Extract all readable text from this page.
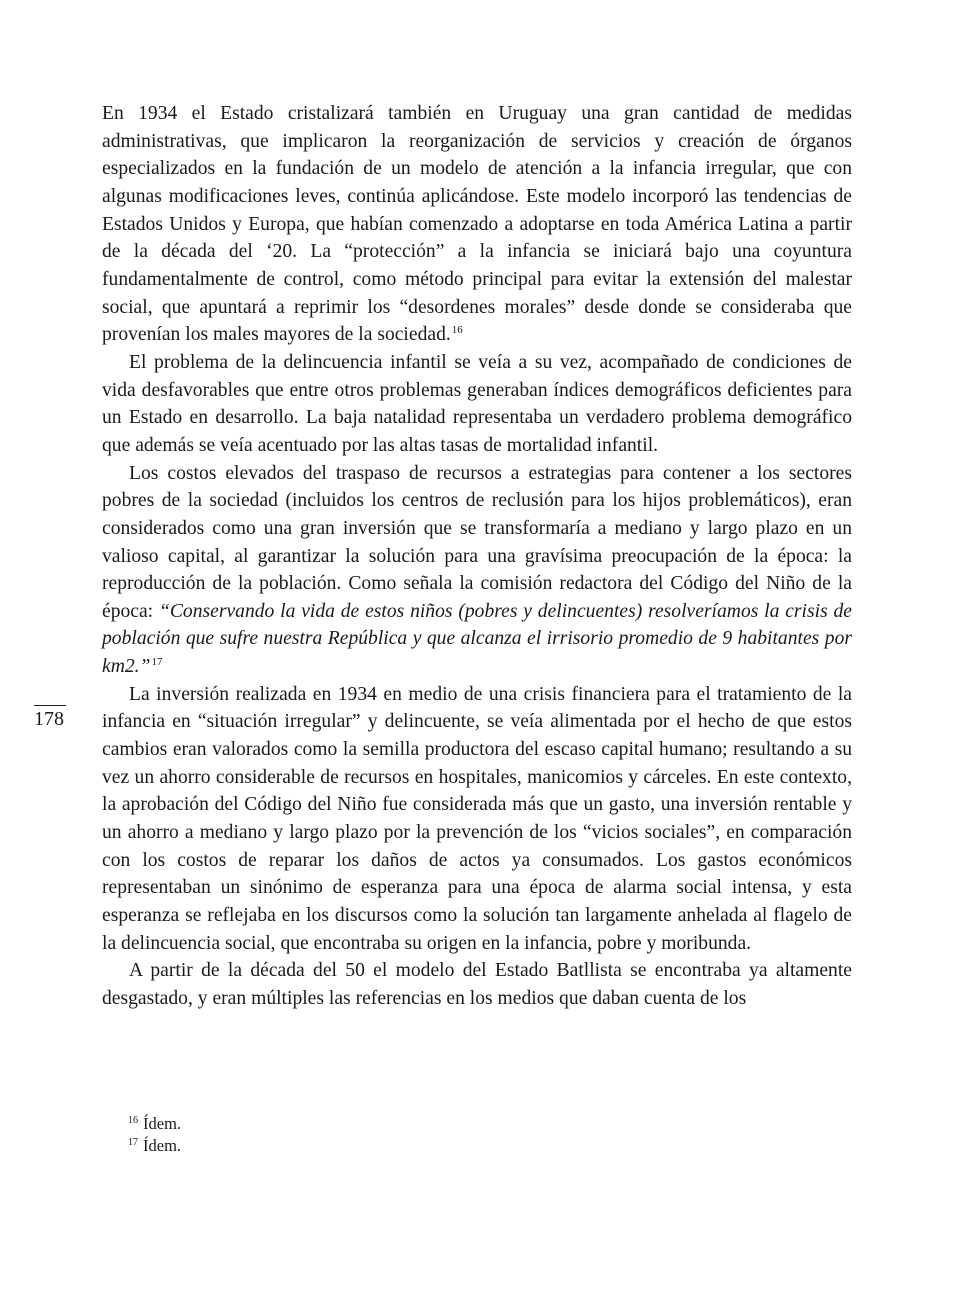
En 1934 el Estado cristalizará también en Uruguay una gran cantidad de medidas administrativas, que implicaron la reorganización de servicios y creación de órganos especializados en la fundación de un modelo de atención a la infancia irregular, que con algunas modificaciones leves, continúa aplicándose. Este modelo incorporó las tendencias de Estados Unidos y Europa, que habían comenzado a adoptarse en toda América Latina a partir de la década del ‘20. La “protección” a la infancia se iniciará bajo una coyuntura fundamentalmente de control, como método principal para evitar la extensión del malestar social, que apuntará a reprimir los “desordenes morales” desde donde se consideraba que provenían los males mayores de la sociedad.$^{16}$

El problema de la delincuencia infantil se veía a su vez, acompañado de condiciones de vida desfavorables que entre otros problemas generaban índices demográficos deficientes para un Estado en desarrollo. La baja natalidad representaba un verdadero problema demográfico que además se veía acentuado por las altas tasas de mortalidad infantil.

Los costos elevados del traspaso de recursos a estrategias para contener a los sectores pobres de la sociedad (incluidos los centros de reclusión para los hijos problemáticos), eran considerados como una gran inversión que se transformaría a mediano y largo plazo en un valioso capital, al garantizar la solución para una gravísima preocupación de la época: la reproducción de la población. Como señala la comisión redactora del Código del Niño de la época: “Conservando la vida de estos niños (pobres y delincuentes) resolveríamos la crisis de población que sufre nuestra República y que alcanza el irrisorio promedio de 9 habitantes por km2.”$^{17}$

La inversión realizada en 1934 en medio de una crisis financiera para el tratamiento de la infancia en “situación irregular” y delincuente, se veía alimentada por el hecho de que estos cambios eran valorados como la semilla productora del escaso capital humano; resultando a su vez un ahorro considerable de recursos en hospitales, manicomios y cárceles. En este contexto, la aprobación del Código del Niño fue considerada más que un gasto, una inversión rentable y un ahorro a mediano y largo plazo por la prevención de los “vicios sociales”, en comparación con los costos de reparar los daños de actos ya consumados. Los gastos económicos representaban un sinónimo de esperanza para una época de alarma social intensa, y esta esperanza se reflejaba en los discursos como la solución tan largamente anhelada al flagelo de la delincuencia social, que encontraba su origen en la infancia, pobre y moribunda.

A partir de la década del 50 el modelo del Estado Batllista se encontraba ya altamente desgastado, y eran múltiples las referencias en los medios que daban cuenta de los

178
$^{16}$ Ídem.
$^{17}$ Ídem.
